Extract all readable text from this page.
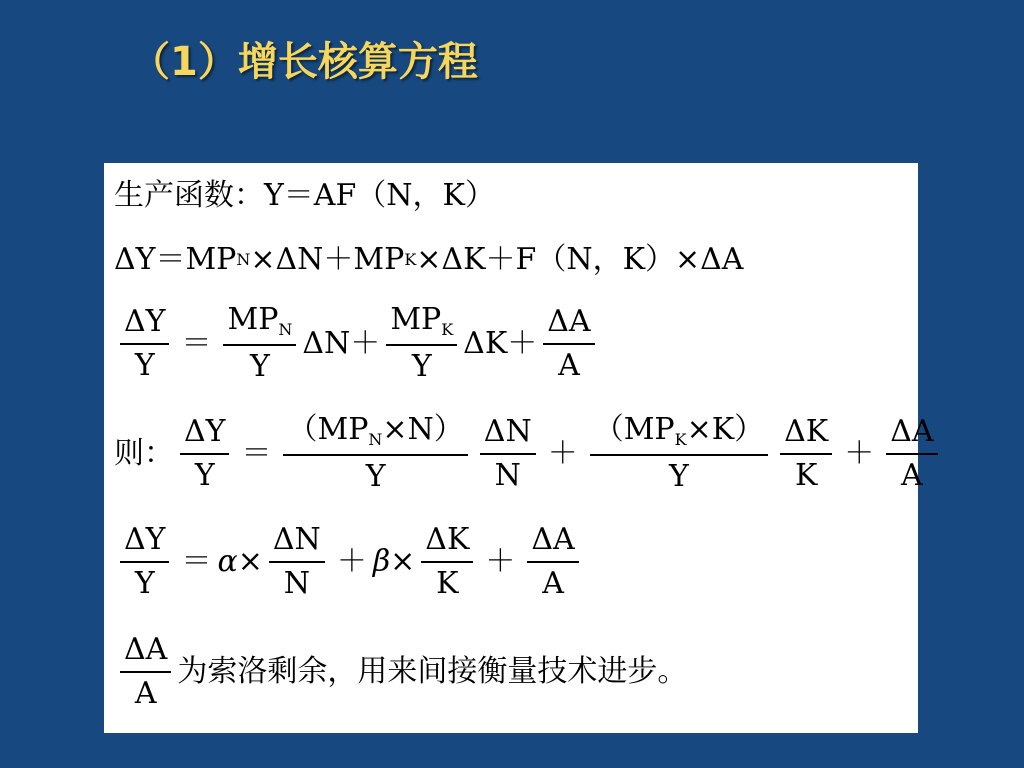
（1）增长核算方程
生产函数： Y＝AF（N，K）
ΔY＝MP N ×ΔN＋MP K ×ΔK＋F（N，K）×ΔA
$\frac{\Delta Y}{Y} = \frac{MP_N}{Y} \Delta N+ \frac{MP_K}{Y} \Delta K+ \frac{\Delta A}{A}$
则： $\frac{\Delta Y}{Y} = \frac{(MP_N\times N)}{Y} \frac{\Delta N}{N} + \frac{(MP_K\times K)}{Y} \frac{\Delta K}{K} + \frac{\Delta A}{A}$
$\frac{\Delta Y}{Y} = \alpha \times \frac{\Delta N}{N} + \beta \times \frac{\Delta K}{K} + \frac{\Delta A}{A}$
$\frac{\Delta A}{A}$ 为索洛剩余，用来间接衡量技术进步。
